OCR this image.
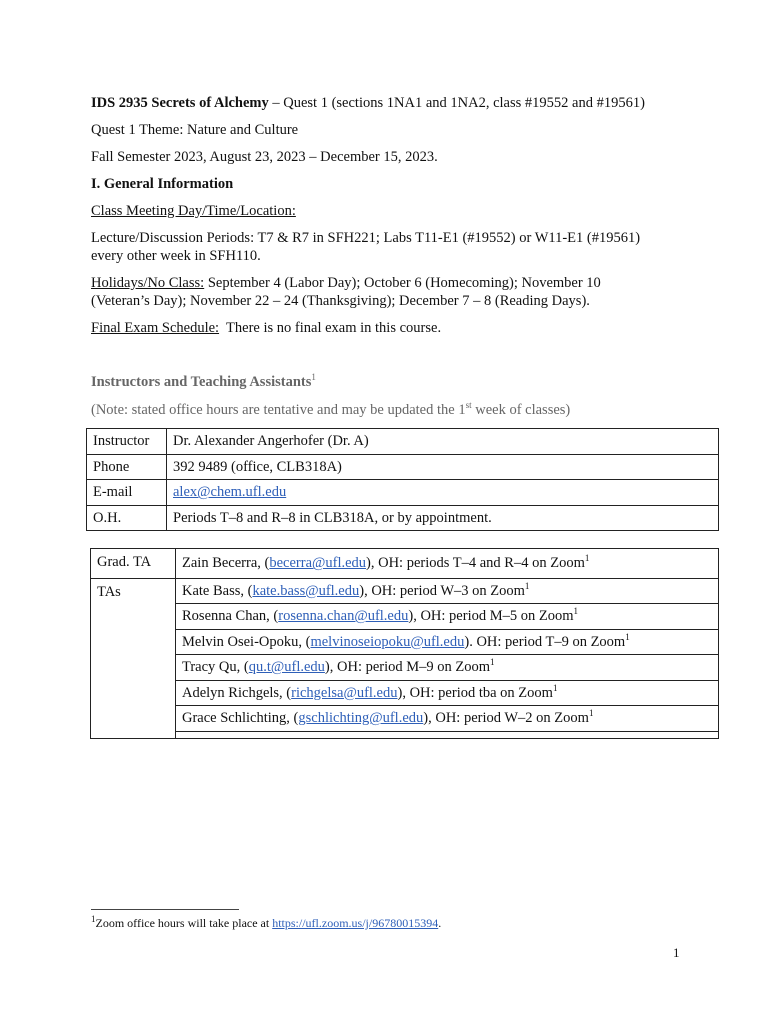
IDS 2935 Secrets of Alchemy – Quest 1 (sections 1NA1 and 1NA2, class #19552 and #19561)
Quest 1 Theme: Nature and Culture
Fall Semester 2023, August 23, 2023 – December 15, 2023.
I. General Information
Class Meeting Day/Time/Location:
Lecture/Discussion Periods: T7 & R7 in SFH221; Labs T11-E1 (#19552) or W11-E1 (#19561)
every other week in SFH110.
Holidays/No Class: September 4 (Labor Day); October 6 (Homecoming); November 10
(Veteran’s Day); November 22 – 24 (Thanksgiving); December 7 – 8 (Reading Days).
Final Exam Schedule:  There is no final exam in this course.
Instructors and Teaching Assistants$^1$
(Note: stated office hours are tentative and may be updated the 1st week of classes)
Instructor	Dr. Alexander Angerhofer (Dr. A)
Phone	392 9489 (office, CLB318A)
E-mail	alex@chem.ufl.edu
O.H.	Periods T–8 and R–8 in CLB318A, or by appointment.
Grad. TA	Zain Becerra, (becerra@ufl.edu), OH: periods T–4 and R–4 on Zoom$^1$
TAs	Kate Bass, (kate.bass@ufl.edu), OH: period W–3 on Zoom$^1$
	Rosenna Chan, (rosenna.chan@ufl.edu), OH: period M–5 on Zoom$^1$
	Melvin Osei-Opoku, (melvinoseiopoku@ufl.edu). OH: period T–9 on Zoom$^1$
	Tracy Qu, (qu.t@ufl.edu), OH: period M–9 on Zoom$^1$
	Adelyn Richgels, (richgelsa@ufl.edu), OH: period tba on Zoom$^1$
	Grace Schlichting, (gschlichting@ufl.edu), OH: period W–2 on Zoom$^1$

$^1$Zoom office hours will take place at https://ufl.zoom.us/j/96780015394.
1
